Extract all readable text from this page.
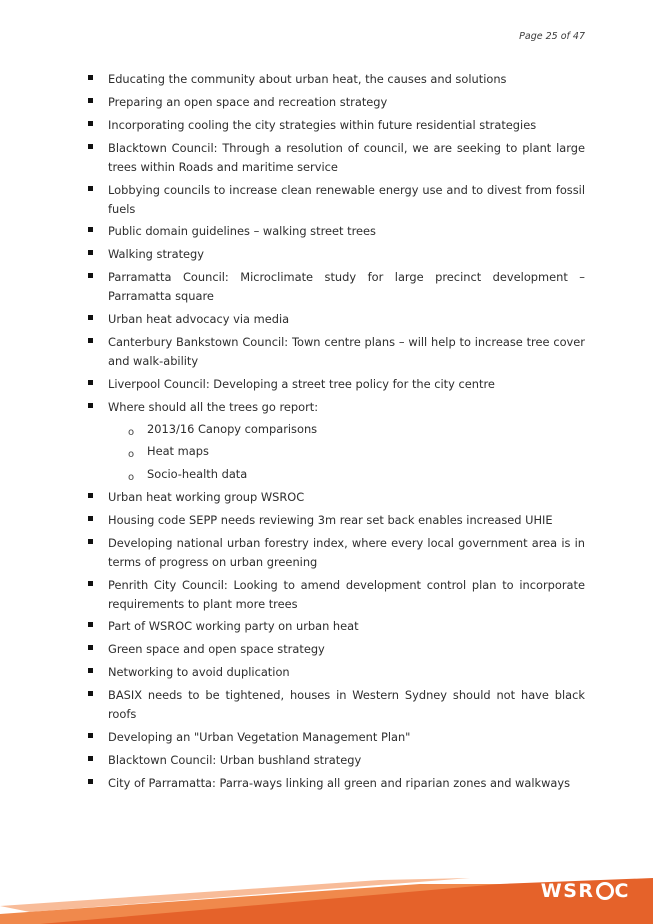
Page 25 of 47
Educating the community about urban heat, the causes and solutions
Preparing an open space and recreation strategy
Incorporating cooling the city strategies within future residential strategies
Blacktown Council: Through a resolution of council, we are seeking to plant large trees within Roads and maritime service
Lobbying councils to increase clean renewable energy use and to divest from fossil fuels
Public domain guidelines – walking street trees
Walking strategy
Parramatta Council: Microclimate study for large precinct development – Parramatta square
Urban heat advocacy via media
Canterbury Bankstown Council: Town centre plans – will help to increase tree cover and walk-ability
Liverpool Council: Developing a street tree policy for the city centre
Where should all the trees go report:
o 2013/16 Canopy comparisons
o Heat maps
o Socio-health data
Urban heat working group WSROC
Housing code SEPP needs reviewing 3m rear set back enables increased UHIE
Developing national urban forestry index, where every local government area is in terms of progress on urban greening
Penrith City Council: Looking to amend development control plan to incorporate requirements to plant more trees
Part of WSROC working party on urban heat
Green space and open space strategy
Networking to avoid duplication
BASIX needs to be tightened, houses in Western Sydney should not have black roofs
Developing an "Urban Vegetation Management Plan"
Blacktown Council: Urban bushland strategy
City of Parramatta: Parra-ways linking all green and riparian zones and walkways
WSR C
